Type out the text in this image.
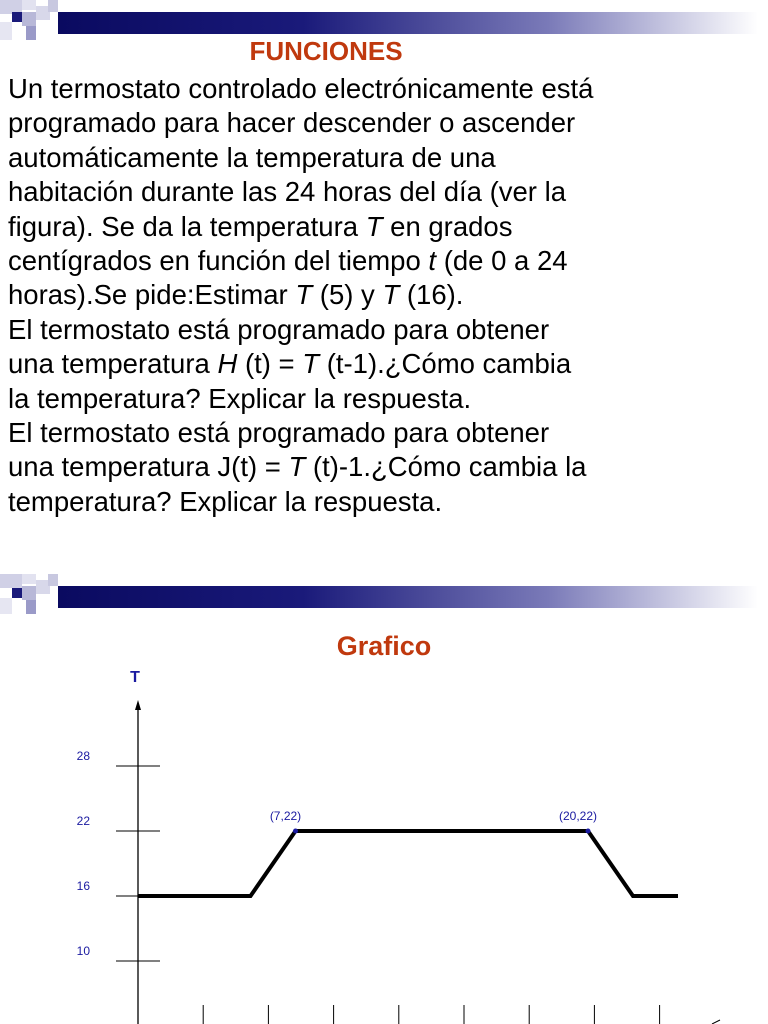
FUNCIONES
Un termostato controlado electrónicamente está
programado para hacer descender o ascender
automáticamente la temperatura de una
habitación durante las 24 horas del día (ver la
figura). Se da la temperatura T en grados
centígrados en función del tiempo t (de 0 a 24
horas).Se pide:Estimar T (5) y T (16).
El termostato está programado para obtener
una temperatura H (t) = T (t-1).¿Cómo cambia
la temperatura? Explicar la respuesta.
El termostato está programado para obtener
una temperatura J(t) = T (t)-1.¿Cómo cambia la
temperatura? Explicar la respuesta.
Grafico
T
28
22
16
10
(7,22)	(20,22)
